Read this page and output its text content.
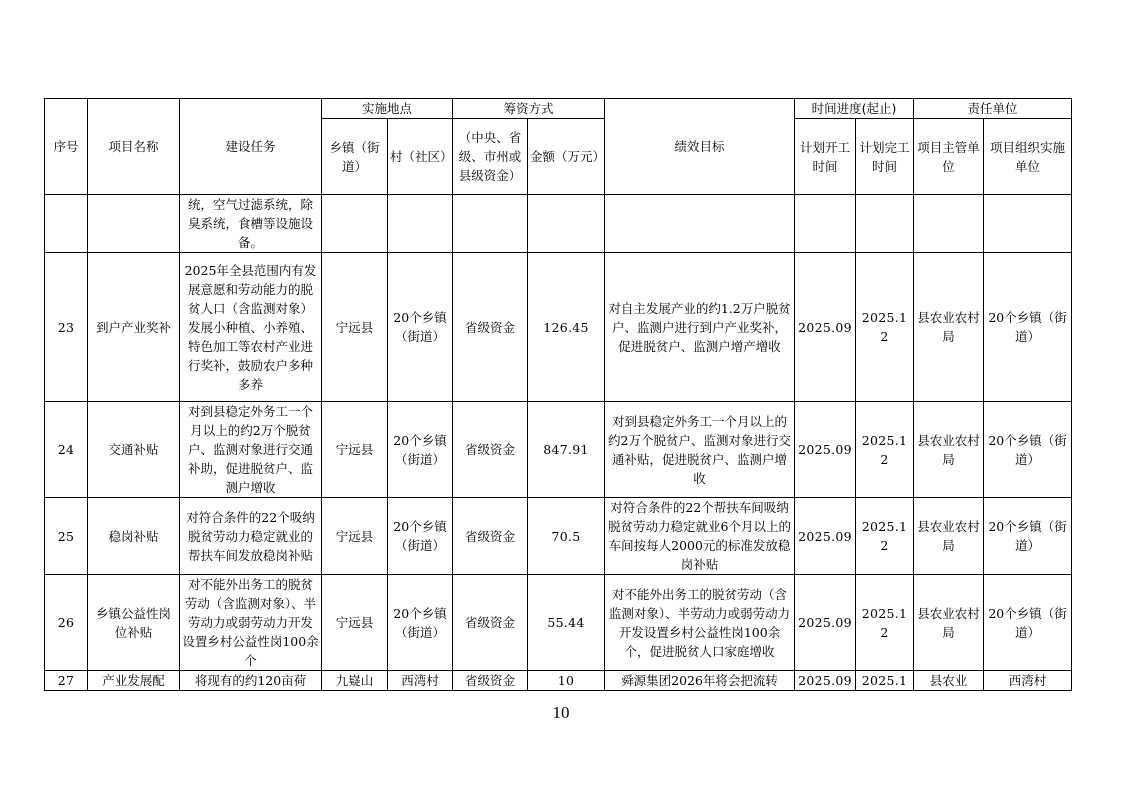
序号	项目名称	建设任务	实施地点		筹资方式		绩效目标	时间进度(起止)		责任单位	
			乡镇（街道）	村（社区）	（中央、省级、市州或县级资金）	金额（万元）		计划开工时间	计划完工时间	项目主管单位	项目组织实施单位
		统，空气过滤系统，除臭系统，食槽等设施设备。									
23	到户产业奖补	2025年全县范围内有发展意愿和劳动能力的脱贫人口（含监测对象）发展小种植、小养殖、特色加工等农村产业进行奖补，鼓励农户多种多养	宁远县	20个乡镇（街道）	省级资金	126.45	对自主发展产业的约1.2万户脱贫户、监测户进行到户产业奖补，促进脱贫户、监测户增产增收	2025.09	2025.12	县农业农村局	20个乡镇（街道）
24	交通补贴	对到县稳定外务工一个月以上的约2万个脱贫户、监测对象进行交通补助，促进脱贫户、监测户增收	宁远县	20个乡镇（街道）	省级资金	847.91	对到县稳定外务工一个月以上的约2万个脱贫户、监测对象进行交通补贴，促进脱贫户、监测户增收	2025.09	2025.12	县农业农村局	20个乡镇（街道）
25	稳岗补贴	对符合条件的22个吸纳脱贫劳动力稳定就业的帮扶车间发放稳岗补贴	宁远县	20个乡镇（街道）	省级资金	70.5	对符合条件的22个帮扶车间吸纳脱贫劳动力稳定就业6个月以上的车间按每人2000元的标准发放稳岗补贴	2025.09	2025.12	县农业农村局	20个乡镇（街道）
26	乡镇公益性岗位补贴	对不能外出务工的脱贫劳动（含监测对象）、半劳动力或弱劳动力开发设置乡村公益性岗100余个	宁远县	20个乡镇（街道）	省级资金	55.44	对不能外出务工的脱贫劳动（含监测对象）、半劳动力或弱劳动力开发设置乡村公益性岗100余个，促进脱贫人口家庭增收	2025.09	2025.12	县农业农村局	20个乡镇（街道）
27	产业发展配	将现有的约120亩荷	九嶷山	西湾村	省级资金	10	舜源集团2026年将会把流转	2025.09	2025.1	县农业	西湾村
10
